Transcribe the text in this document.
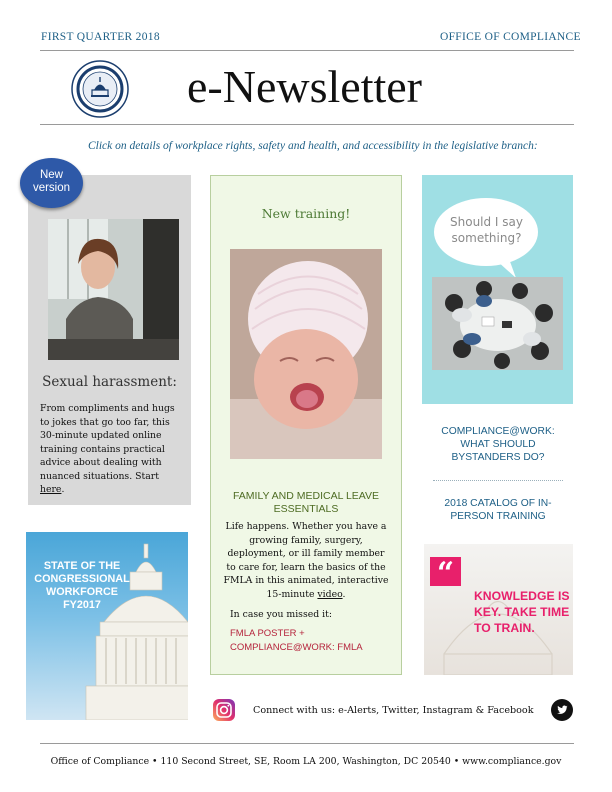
FIRST QUARTER 2018	OFFICE OF COMPLIANCE
e-Newsletter
Click on details of workplace rights, safety and health, and accessibility in the legislative branch:
Sexual harassment:
From compliments and hugs to jokes that go too far, this 30-minute updated online training contains practical advice about dealing with nuanced situations. Start here.
New version
STATE OF THE CONGRESSIONAL WORKFORCE FY2017
New training!
FAMILY AND MEDICAL LEAVE ESSENTIALS
Life happens. Whether you have a growing family, surgery, deployment, or ill family member to care for, learn the basics of the FMLA in this animated, interactive 15-minute video.
In case you missed it:
FMLA POSTER + COMPLIANCE@WORK: FMLA
Should I say something?
COMPLIANCE@WORK: WHAT SHOULD BYSTANDERS DO?
2018 CATALOG OF IN-PERSON TRAINING
“
KNOWLEDGE IS KEY. TAKE TIME TO TRAIN.
Connect with us: e-Alerts, Twitter, Instagram & Facebook
Office of Compliance • 110 Second Street, SE, Room LA 200, Washington, DC 20540 • www.compliance.gov
